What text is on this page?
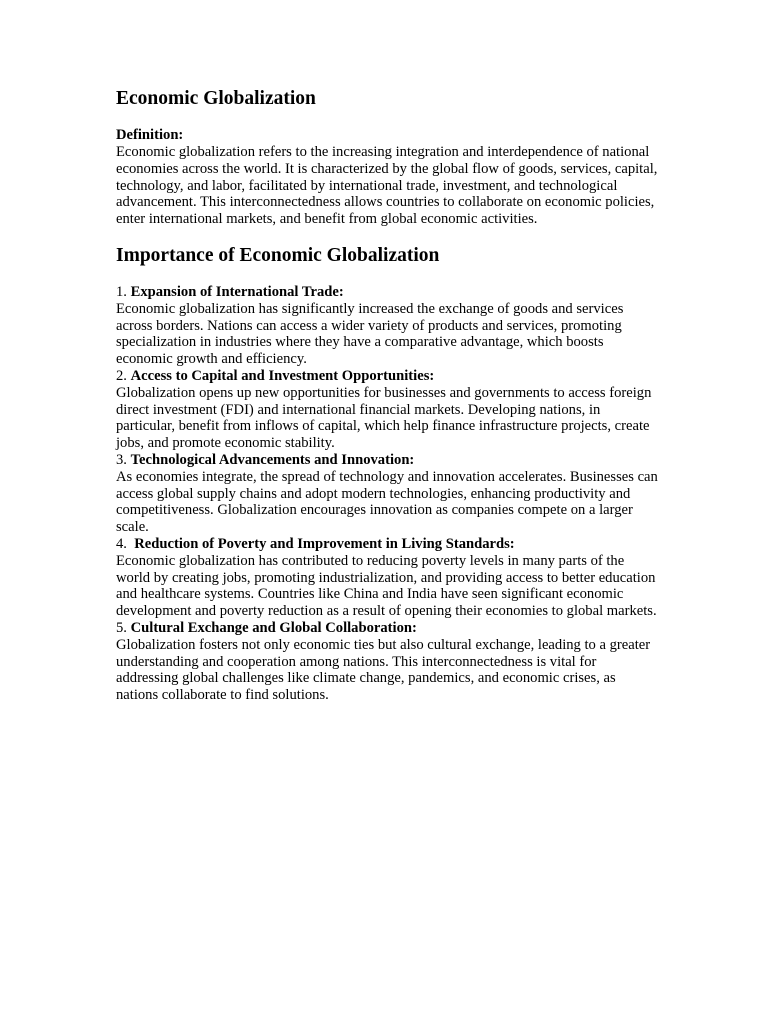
Economic Globalization
Definition:

Economic globalization refers to the increasing integration and interdependence of national economies across the world. It is characterized by the global flow of goods, services, capital, technology, and labor, facilitated by international trade, investment, and technological advancement. This interconnectedness allows countries to collaborate on economic policies, enter international markets, and benefit from global economic activities.

Importance of Economic Globalization
1. Expansion of International Trade:

Economic globalization has significantly increased the exchange of goods and services across borders. Nations can access a wider variety of products and services, promoting specialization in industries where they have a comparative advantage, which boosts economic growth and efficiency.

2. Access to Capital and Investment Opportunities:

Globalization opens up new opportunities for businesses and governments to access foreign direct investment (FDI) and international financial markets. Developing nations, in particular, benefit from inflows of capital, which help finance infrastructure projects, create jobs, and promote economic stability.

3. Technological Advancements and Innovation:

As economies integrate, the spread of technology and innovation accelerates. Businesses can access global supply chains and adopt modern technologies, enhancing productivity and competitiveness. Globalization encourages innovation as companies compete on a larger scale.

4.  Reduction of Poverty and Improvement in Living Standards:

Economic globalization has contributed to reducing poverty levels in many parts of the world by creating jobs, promoting industrialization, and providing access to better education and healthcare systems. Countries like China and India have seen significant economic development and poverty reduction as a result of opening their economies to global markets.

5. Cultural Exchange and Global Collaboration:

Globalization fosters not only economic ties but also cultural exchange, leading to a greater understanding and cooperation among nations. This interconnectedness is vital for addressing global challenges like climate change, pandemics, and economic crises, as nations collaborate to find solutions.
